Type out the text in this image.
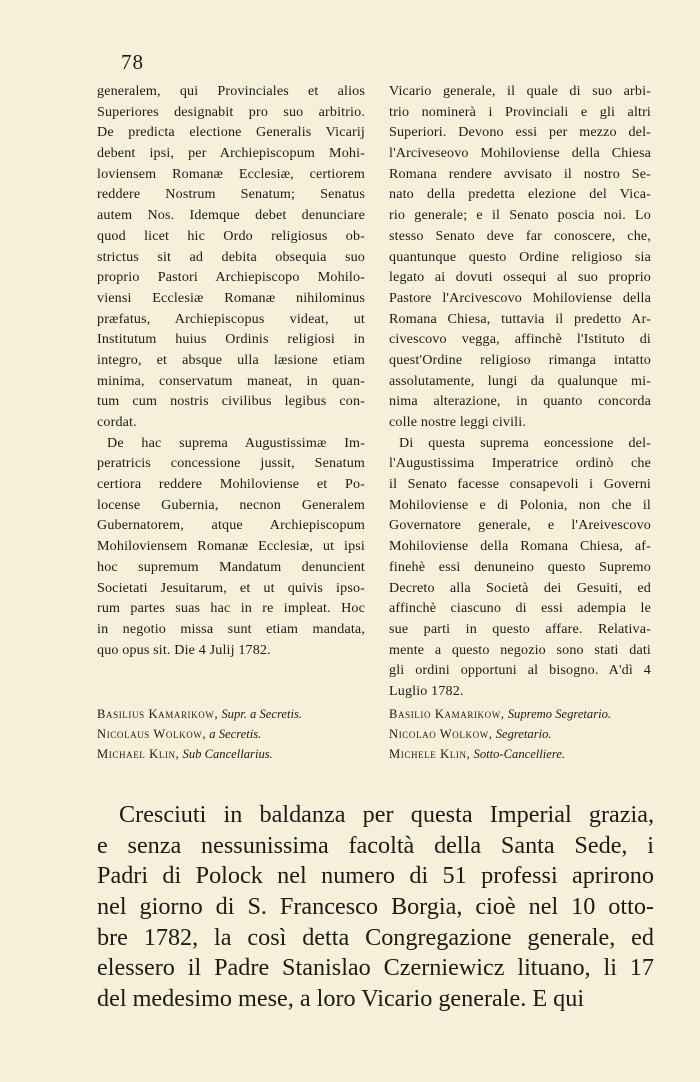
78
generalem, qui Provinciales et alios
Superiores designabit pro suo arbitrio.
De predicta electione Generalis Vicarij
debent ipsi, per Archiepiscopum Mohi-
loviensem Romanæ Ecclesiæ, certiorem
reddere Nostrum Senatum; Senatus
autem Nos. Idemque debet denunciare
quod licet hic Ordo religiosus ob-
strictus sit ad debita obsequia suo
proprio Pastori Archiepiscopo Mohilo-
viensi Ecclesiæ Romanæ nihilominus
præfatus, Archiepiscopus videat, ut
Institutum huius Ordinis religiosi in
integro, et absque ulla læsione etiam
minima, conservatum maneat, in quan-
tum cum nostris civilibus legibus con-
cordat.
De hac suprema Augustissimæ Im-
peratricis concessione jussit, Senatum
certiora reddere Mohiloviense et Po-
locense Gubernia, necnon Generalem
Gubernatorem, atque Archiepiscopum
Mohiloviensem Romanæ Ecclesiæ, ut ipsi
hoc supremum Mandatum denuncient
Societati Jesuitarum, et ut quivis ipso-
rum partes suas hac in re impleat. Hoc
in negotio missa sunt etiam mandata,
quo opus sit. Die 4 Julij 1782.
Vicario generale, il quale di suo arbi-
trio nominerà i Provinciali e gli altri
Superiori. Devono essi per mezzo del-
l'Arciveseovo Mohiloviense della Chiesa
Romana rendere avvisato il nostro Se-
nato della predetta elezione del Vica-
rio generale; e il Senato poscia noi. Lo
stesso Senato deve far conoscere, che,
quantunque questo Ordine religioso sia
legato ai dovuti ossequi al suo proprio
Pastore l'Arcivescovo Mohiloviense della
Romana Chiesa, tuttavia il predetto Ar-
civescovo vegga, affinchè l'Istituto di
quest'Ordine religioso rimanga intatto
assolutamente, lungi da qualunque mi-
nima alterazione, in quanto concorda
colle nostre leggi civili.
Di questa suprema eoncessione del-
l'Augustissima Imperatrice ordinò che
il Senato facesse consapevoli i Governi
Mohiloviense e di Polonia, non che il
Governatore generale, e l'Areivescovo
Mohiloviense della Romana Chiesa, af-
finehè essi denuneino questo Supremo
Decreto alla Società dei Gesuiti, ed
affinchè ciascuno di essi adempia le
sue parti in questo affare. Relativa-
mente a questo negozio sono stati dati
gli ordini opportuni al bisogno. A'dì 4
Luglio 1782.
Basilius Kamarikow, Supr. a Secretis.
Nicolaus Wolkow, a Secretis.
Michael Klin, Sub Cancellarius.
Basilio Kamarikow, Supremo Segretario.
Nicolao Wolkow, Segretario.
Michele Klin, Sotto-Cancelliere.
Cresciuti in baldanza per questa Imperial grazia,
e senza nessunissima facoltà della Santa Sede, i
Padri di Polock nel numero di 51 professi aprirono
nel giorno di S. Francesco Borgia, cioè nel 10 otto-
bre 1782, la così detta Congregazione generale, ed
elessero il Padre Stanislao Czerniewicz lituano, li 17
del medesimo mese, a loro Vicario generale. E qui
